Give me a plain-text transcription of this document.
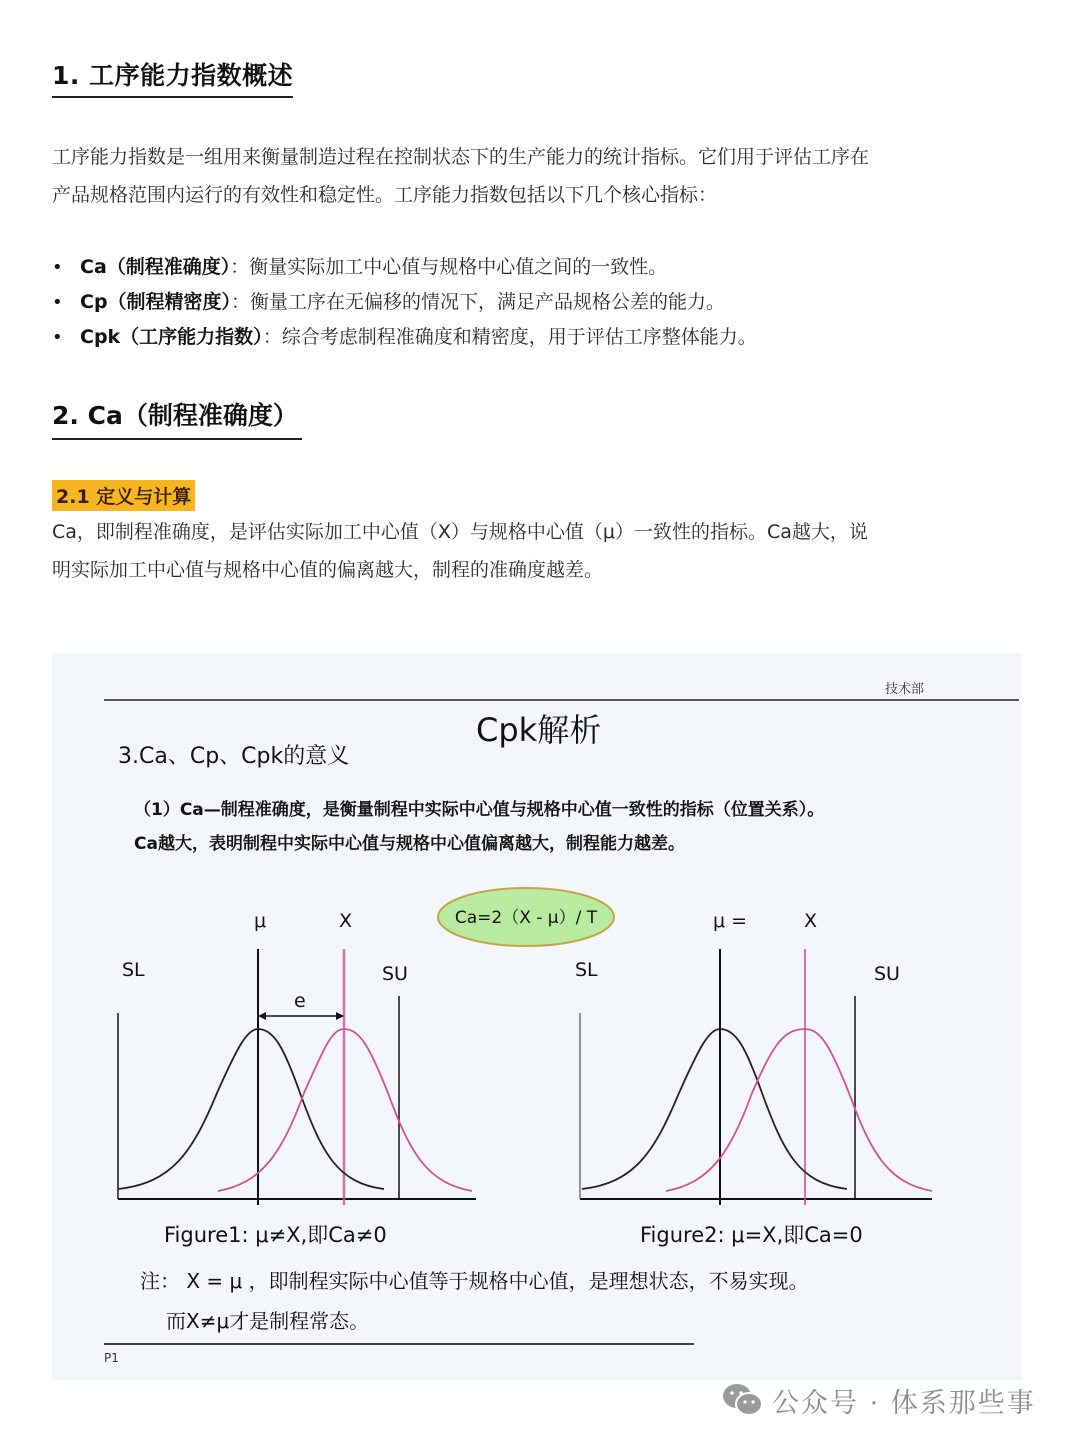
1. 工序能力指数概述
工序能力指数是一组用来衡量制造过程在控制状态下的生产能力的统计指标。它们用于评估工序在
产品规格范围内运行的有效性和稳定性。工序能力指数包括以下几个核心指标：
• Ca（制程准确度）：衡量实际加工中心值与规格中心值之间的一致性。
• Cp（制程精密度）：衡量工序在无偏移的情况下，满足产品规格公差的能力。
• Cpk（工序能力指数）：综合考虑制程准确度和精密度，用于评估工序整体能力。
2. Ca（制程准确度）
2.1 定义与计算
Ca，即制程准确度，是评估实际加工中心值（X）与规格中心值（μ）一致性的指标。Ca越大，说
明实际加工中心值与规格中心值的偏离越大，制程的准确度越差。
技术部
Cpk解析
3.Ca、Cp、Cpk的意义
（1）Ca—制程准确度，是衡量制程中实际中心值与规格中心值一致性的指标（位置关系）。
Ca越大，表明制程中实际中心值与规格中心值偏离越大，制程能力越差。
Ca=2（X - μ）/ T
SL	SU
μ	X
e
SL	SU
μ =	X
Figure1: μ≠X,即Ca≠0	Figure2: μ=X,即Ca=0
注： X = μ ，即制程实际中心值等于规格中心值，是理想状态，不易实现。
而X≠μ才是制程常态。
P1
公众号 · 体系那些事
